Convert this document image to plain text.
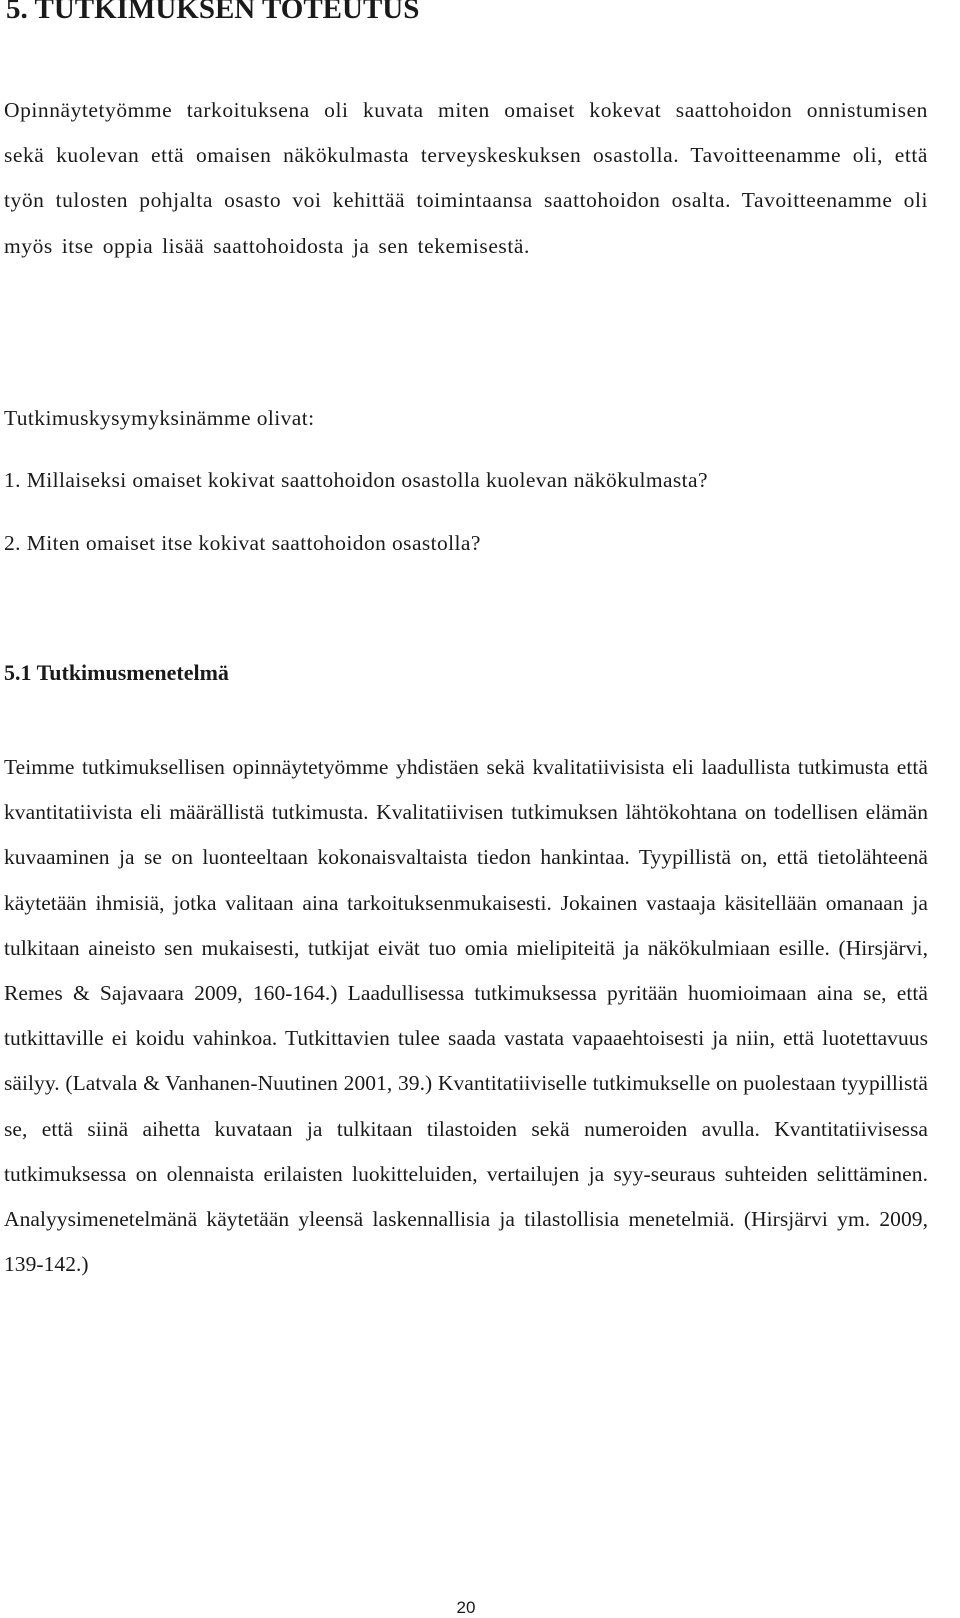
5. TUTKIMUKSEN TOTEUTUS

Opinnäytetyömme tarkoituksena oli kuvata miten omaiset kokevat saattohoidon onnistumisen sekä kuolevan että omaisen näkökulmasta terveyskeskuksen osastolla. Tavoitteenamme oli, että työn tulosten pohjalta osasto voi kehittää toimintaansa saattohoidon osalta. Tavoitteenamme oli myös itse oppia lisää saattohoidosta ja sen tekemisestä.

Tutkimuskysymyksinämme olivat:

1. Millaiseksi omaiset kokivat saattohoidon osastolla kuolevan näkökulmasta?

2. Miten omaiset itse kokivat saattohoidon osastolla?

5.1 Tutkimusmenetelmä

Teimme tutkimuksellisen opinnäytetyömme yhdistäen sekä kvalitatiivisista eli laadullista tutkimusta että kvantitatiivista eli määrällistä tutkimusta. Kvalitatiivisen tutkimuksen lähtökohtana on todellisen elämän kuvaaminen ja se on luonteeltaan kokonaisvaltaista tiedon hankintaa. Tyypillistä on, että tietolähteenä käytetään ihmisiä, jotka valitaan aina tarkoituksenmukaisesti. Jokainen vastaaja käsitellään omanaan ja tulkitaan aineisto sen mukaisesti, tutkijat eivät tuo omia mielipiteitä ja näkökulmiaan esille. (Hirsjärvi, Remes & Sajavaara 2009, 160-164.) Laadullisessa tutkimuksessa pyritään huomioimaan aina se, että tutkittaville ei koidu vahinkoa. Tutkittavien tulee saada vastata vapaaehtoisesti ja niin, että luotettavuus säilyy. (Latvala & Vanhanen-Nuutinen 2001, 39.) Kvantitatiiviselle tutkimukselle on puolestaan tyypillistä se, että siinä aihetta kuvataan ja tulkitaan tilastoiden sekä numeroiden avulla. Kvantitatiivisessa tutkimuksessa on olennaista erilaisten luokitteluiden, vertailujen ja syy-seuraus suhteiden selittäminen. Analyysimenetelmänä käytetään yleensä laskennallisia ja tilastollisia menetelmiä. (Hirsjärvi ym. 2009, 139-142.)

20
